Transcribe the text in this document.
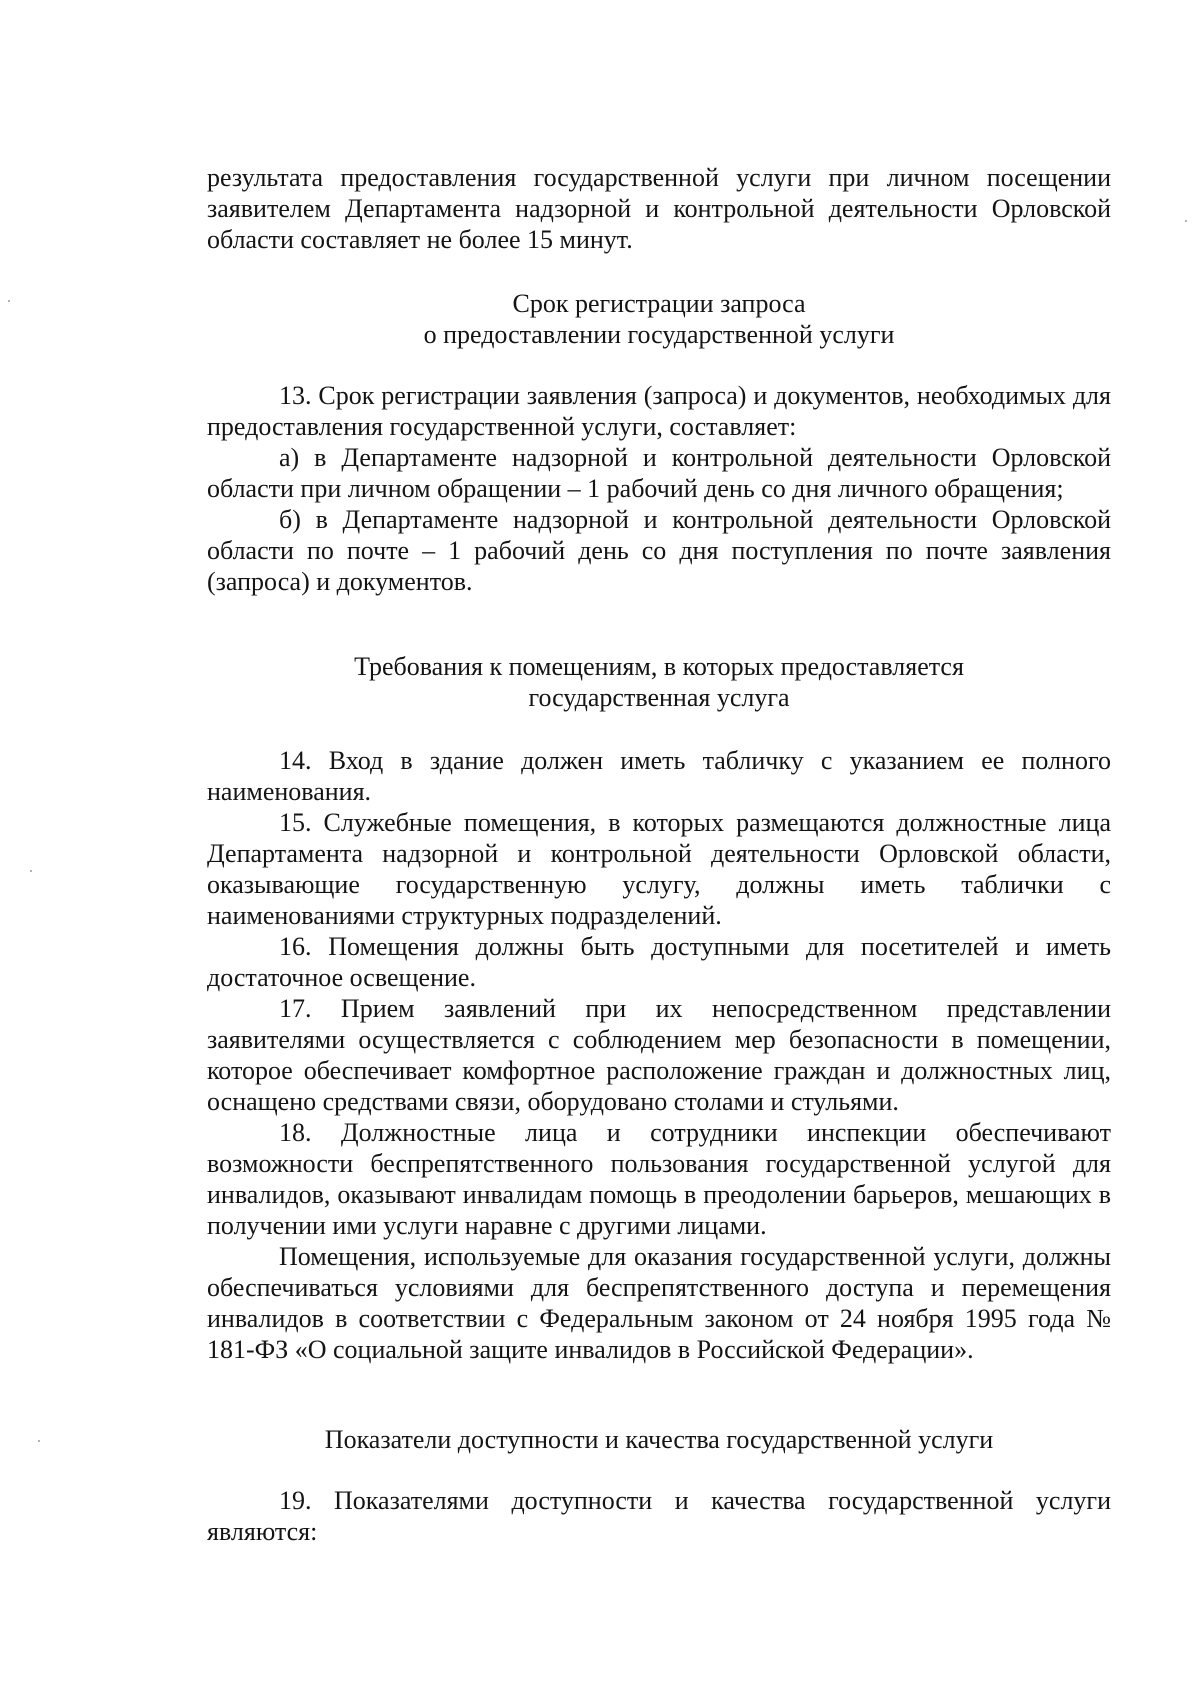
результата предоставления государственной услуги при личном посещении заявителем Департамента надзорной и контрольной деятельности Орловской области составляет не более 15 минут.

Срок регистрации запроса
о предоставлении государственной услуги

13. Срок регистрации заявления (запроса) и документов, необходимых для предоставления государственной услуги, составляет:

а) в Департаменте надзорной и контрольной деятельности Орловской области при личном обращении – 1 рабочий день со дня личного обращения;

б) в Департаменте надзорной и контрольной деятельности Орловской области по почте – 1 рабочий день со дня поступления по почте заявления (запроса) и документов.

Требования к помещениям, в которых предоставляется
государственная услуга

14. Вход в здание должен иметь табличку с указанием ее полного наименования.

15. Служебные помещения, в которых размещаются должностные лица Департамента надзорной и контрольной деятельности Орловской области, оказывающие государственную услугу, должны иметь таблички с наименованиями структурных подразделений.

16. Помещения должны быть доступными для посетителей и иметь достаточное освещение.

17. Прием заявлений при их непосредственном представлении заявителями осуществляется с соблюдением мер безопасности в помещении, которое обеспечивает комфортное расположение граждан и должностных лиц, оснащено средствами связи, оборудовано столами и стульями.

18. Должностные лица и сотрудники инспекции обеспечивают возможности беспрепятственного пользования государственной услугой для инвалидов, оказывают инвалидам помощь в преодолении барьеров, мешающих в получении ими услуги наравне с другими лицами.

Помещения, используемые для оказания государственной услуги, должны обеспечиваться условиями для беспрепятственного доступа и перемещения инвалидов в соответствии с Федеральным законом от 24 ноября 1995 года № 181-ФЗ «О социальной защите инвалидов в Российской Федерации».

Показатели доступности и качества государственной услуги

19. Показателями доступности и качества государственной услуги являются:
